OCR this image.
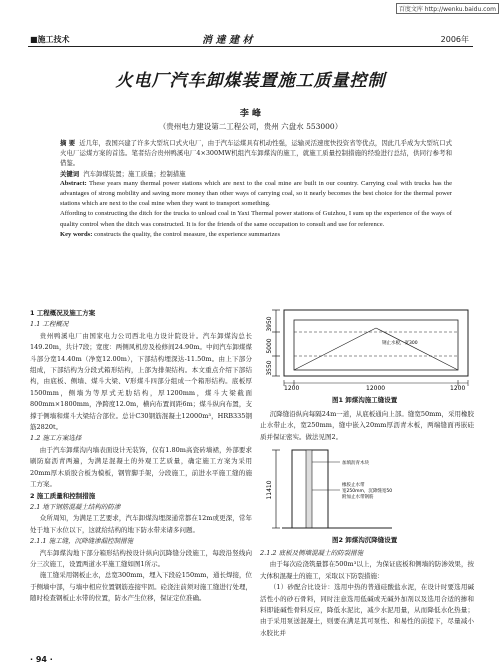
百度文库 http://wenku.baidu.com
■施工技术	消 達 建 材	2006年
火电厂汽车卸煤装置施工质量控制
李 峰
（贵州电力建设第二工程公司，贵州 六盘水 553000）

摘 要 近几年，我国兴建了许多大型坑口式火电厂，由于汽车运煤具有机动性强，运输灵活速度快投资省等优点，因此几乎成为大型坑口式火电厂运煤方案的首选。笔者结合贵州鸭溪电厂4×300MW机组汽车卸煤沟的施工，就施工质量控制措施的经验进行总结，供同行参考和借鉴。

关键词 汽车卸煤装置；施工质量；控制措施

Abstract: These years many thermal power stations which are next to the coal mine are built in our country. Carrying coal with trucks has the advantages of strong mobility and saving more money than other ways of carrying coal, so it nearly becomes the best choice for the thermal power stations which are next to the coal mine when they want to transport something.

Affording to constructing the ditch for the trucks to unload coal in Yaxi Thermal power stations of Guizhou, I sum up the experience of the ways of quality control when the ditch was constructed. It is for the friends of the same occupation to consult and use for reference.

Key words: constructs the quality, the control measure, the experience summarizes

1 工程概况及施工方案

1.1 工程概况

贵州鸭溪电厂由国家电力公司西北电力设计院设计。汽车卸煤沟总长149.20m，共计7段；宽度：两侧风机房及检修间24.90m。中间汽车卸煤煤斗部分宽14.40m（净宽12.00m），下部结构埋深达-11.50m。由上下部分组成，下部结构为分段式箱形结构，上部为排架结构。本文重点介绍下部结构，由底板、侧墙、煤斗大梁、V形煤斗四部分组成一个箱形结构。底板厚1500mm，侧墙为等厚式无肋结构，厚1200mm，煤斗大梁截面800mm×1800mm，净跨度12.0m，横向布置间距6m；煤斗纵向布置，支撑于侧墙和煤斗大梁结合部位。总计C30钢筋混凝土12000m³，HRB335钢筋2820t。

1.2 施工方案选择

由于汽车卸煤沟内墙表面设计无装饰，仅有1.80m高瓷砖墙裙，外部要求刷防腐沥青两遍，为满足混凝土的外观工艺质量，确定施工方案为采用20mm厚木质胶合板为模板，钢管脚手架，分段施工，前进水平施工缝的施工方案。

2 施工质量和控制措施

2.1 地下钢筋混凝土结构的防渗

众所周知，为满足工艺要求，汽车卸煤沟埋深通常都在12m或更深，常年处于地下水位以下，这就给结构的地下防水带来诸多问题。

2.1.1 施工缝，沉降缝渗漏控制措施

汽车卸煤沟地下部分箱形结构按设计纵向沉降缝分段施工，每段沿竖线向分三次施工，设置两道水平施工缝如图1所示。

施工缝采用钢板止水，总宽300mm，埋入下段砼150mm，通长焊接，位于侧墙中部，与墙中相应位置钢筋连接牢固。砼浇注前须对施工缝进行处理，随时检查钢板止水带的位置，防水产生位移，保证定位准确。

3950
5000
3550
钢止水板，宽300
1200	12000	1200
图1 卸煤沟施工缝设置
沉降缝沿纵向每隔24m一道，从底板通向上部。缝宽50mm，采用橡胶止水带止水，宽250mm，缝中嵌入20mm厚沥青木板，两端缝面再嵌硅质并保证密实。做法见图2。
11410
加填沥青木块
橡胶止水带
宽250mm，沉降缝宽50
附加止水带钢筋
图2 卸煤沟沉降缝设置

2.1.2 底板及侧墙混凝土的防裂措施

由于每次砼浇筑量都在500m³以上，为保证底板和侧墙的防渗效果，按大体积混凝土的施工，采取以下防裂措施：

（1）砂配合比设计：选用中热的普通硅酸盐水泥，在设计时要选用碱活性小的砂石骨料，同时注意选用低碱或无碱外加剂以及选用合适的掺和料即能碱性骨料反应，降低水泥比，减少水泥用量，从而降低水化热量；由于采用泵送混凝土，则要在满足其可泵性、和易性的前提下，尽量减小水胶比并

· 94 ·
